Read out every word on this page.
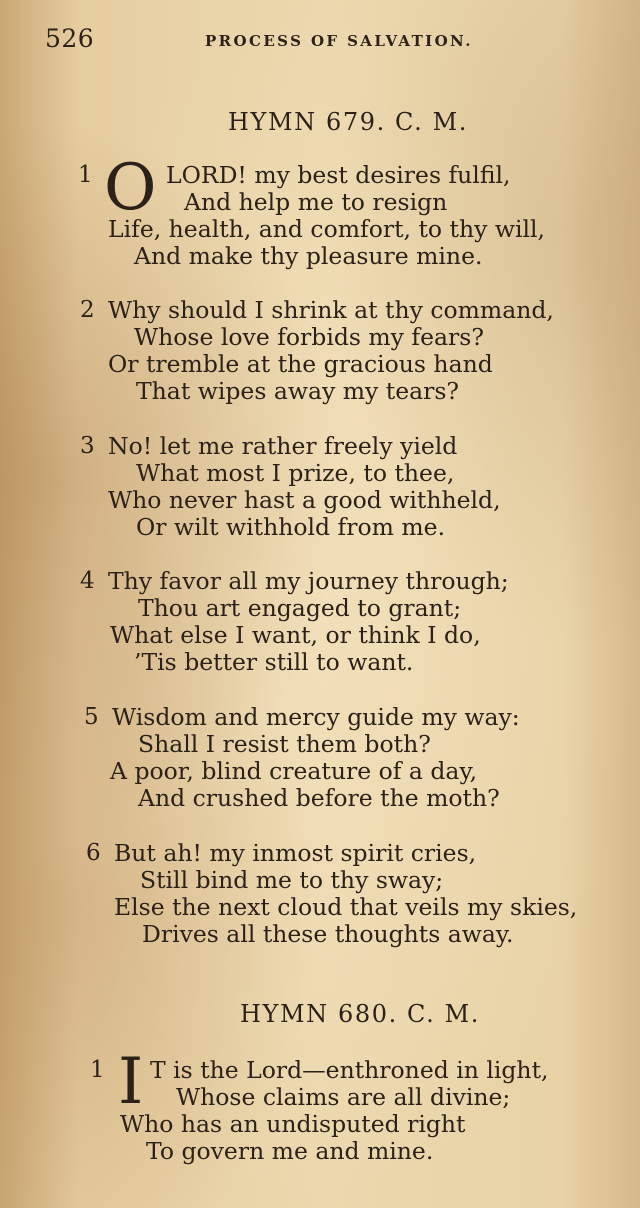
526	PROCESS OF SALVATION.
HYMN 679. C. M.
1 O LORD! my best desires fulfil,
And help me to resign
Life, health, and comfort, to thy will,
And make thy pleasure mine.
2 Why should I shrink at thy command,
Whose love forbids my fears?
Or tremble at the gracious hand
That wipes away my tears?
3 No! let me rather freely yield
What most I prize, to thee,
Who never hast a good withheld,
Or wilt withhold from me.
4 Thy favor all my journey through;
Thou art engaged to grant;
What else I want, or think I do,
’Tis better still to want.
5 Wisdom and mercy guide my way:
Shall I resist them both?
A poor, blind creature of a day,
And crushed before the moth?
6 But ah! my inmost spirit cries,
Still bind me to thy sway;
Else the next cloud that veils my skies,
Drives all these thoughts away.
HYMN 680. C. M.
1 I T is the Lord—enthroned in light,
Whose claims are all divine;
Who has an undisputed right
To govern me and mine.
